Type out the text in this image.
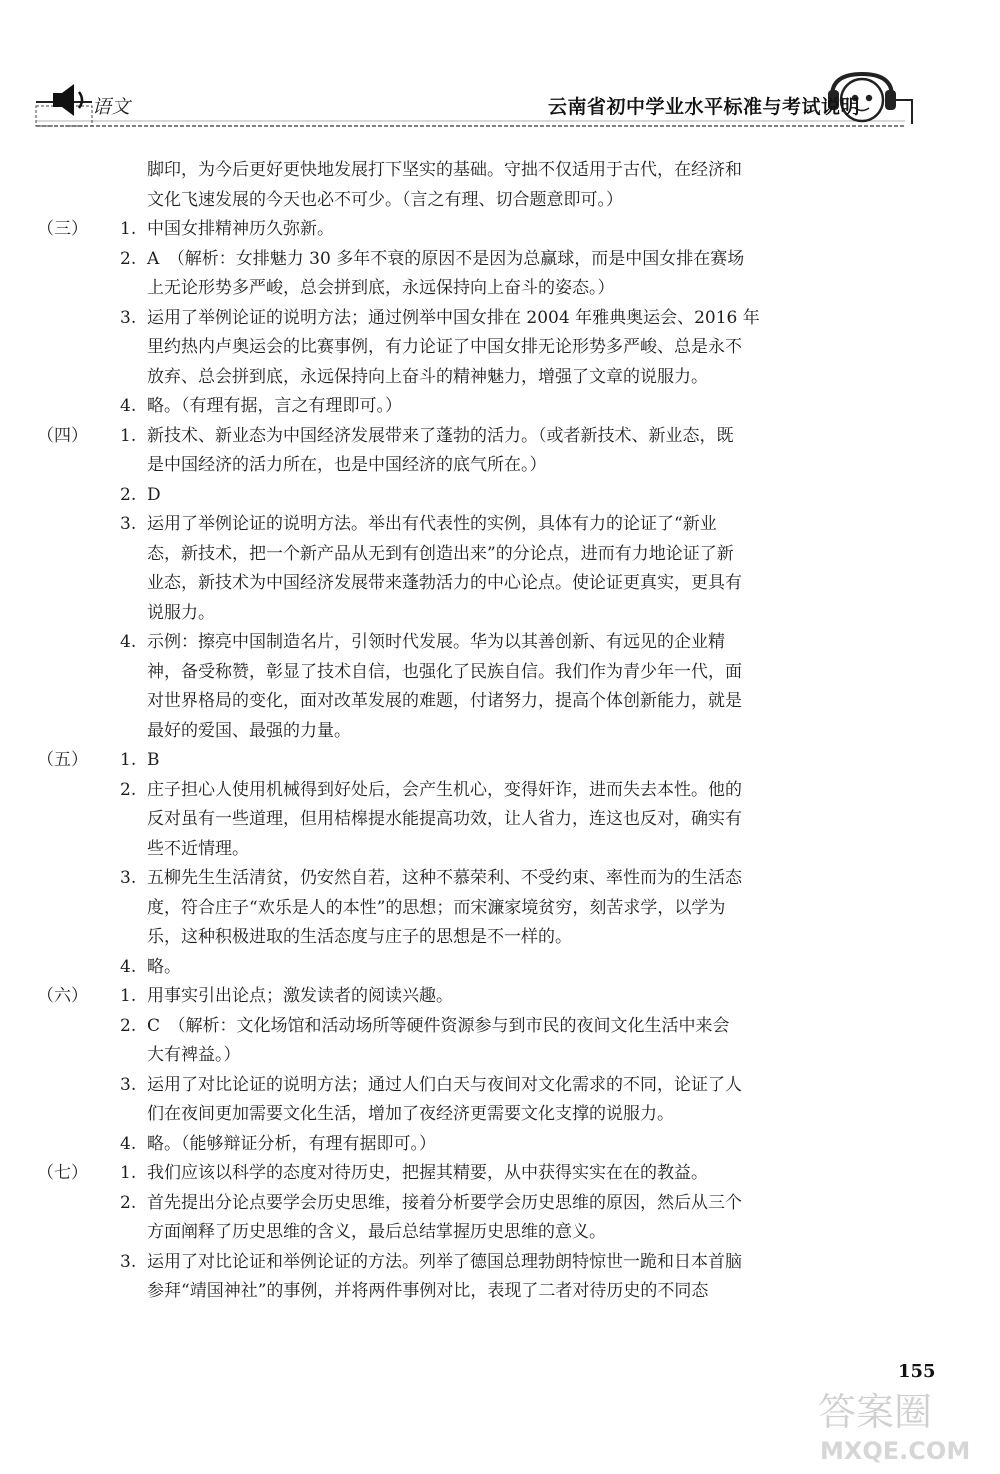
语文	云南省初中学业水平标准与考试说明
脚印，为今后更好更快地发展打下坚实的基础。守拙不仅适用于古代，在经济和
文化飞速发展的今天也必不可少。（言之有理、切合题意即可。）
（三） 1. 中国女排精神历久弥新。
2. A　（解析：女排魅力 30 多年不衰的原因不是因为总赢球，而是中国女排在赛场
上无论形势多严峻，总会拼到底，永远保持向上奋斗的姿态。）
3. 运用了举例论证的说明方法；通过例举中国女排在 2004 年雅典奥运会、2016 年
里约热内卢奥运会的比赛事例，有力论证了中国女排无论形势多严峻、总是永不
放弃、总会拼到底，永远保持向上奋斗的精神魅力，增强了文章的说服力。
4. 略。（有理有据，言之有理即可。）
（四） 1. 新技术、新业态为中国经济发展带来了蓬勃的活力。（或者新技术、新业态，既
是中国经济的活力所在，也是中国经济的底气所在。）
2. D
3. 运用了举例论证的说明方法。举出有代表性的实例，具体有力的论证了“新业
态，新技术，把一个新产品从无到有创造出来”的分论点，进而有力地论证了新
业态，新技术为中国经济发展带来蓬勃活力的中心论点。使论证更真实，更具有
说服力。
4. 示例：擦亮中国制造名片，引领时代发展。华为以其善创新、有远见的企业精
神，备受称赞，彰显了技术自信，也强化了民族自信。我们作为青少年一代，面
对世界格局的变化，面对改革发展的难题，付诸努力，提高个体创新能力，就是
最好的爱国、最强的力量。
（五） 1. B
2. 庄子担心人使用机械得到好处后，会产生机心，变得奸诈，进而失去本性。他的
反对虽有一些道理，但用桔槔提水能提高功效，让人省力，连这也反对，确实有
些不近情理。
3. 五柳先生生活清贫，仍安然自若，这种不慕荣利、不受约束、率性而为的生活态
度，符合庄子“欢乐是人的本性”的思想；而宋濂家境贫穷，刻苦求学，以学为
乐，这种积极进取的生活态度与庄子的思想是不一样的。
4. 略。
（六） 1. 用事实引出论点；激发读者的阅读兴趣。
2. C　（解析：文化场馆和活动场所等硬件资源参与到市民的夜间文化生活中来会
大有裨益。）
3. 运用了对比论证的说明方法；通过人们白天与夜间对文化需求的不同，论证了人
们在夜间更加需要文化生活，增加了夜经济更需要文化支撑的说服力。
4. 略。（能够辩证分析，有理有据即可。）
（七） 1. 我们应该以科学的态度对待历史，把握其精要，从中获得实实在在的教益。
2. 首先提出分论点要学会历史思维，接着分析要学会历史思维的原因，然后从三个
方面阐释了历史思维的含义，最后总结掌握历史思维的意义。
3. 运用了对比论证和举例论证的方法。列举了德国总理勃朗特惊世一跪和日本首脑
参拜“靖国神社”的事例，并将两件事例对比，表现了二者对待历史的不同态
155
答案圈
MXQE.COM
